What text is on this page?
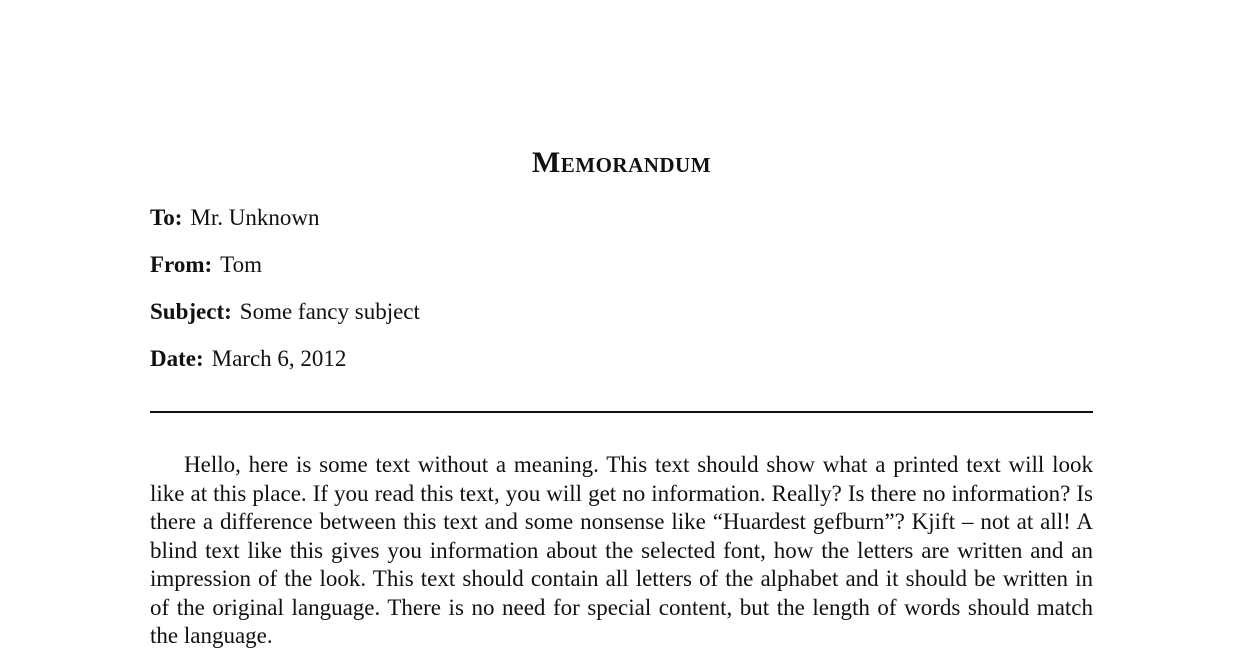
Memorandum
To: Mr. Unknown
From: Tom
Subject: Some fancy subject
Date: March 6, 2012

Hello, here is some text without a meaning. This text should show what a printed text will look like at this place. If you read this text, you will get no information. Really? Is there no information? Is there a difference between this text and some nonsense like “Huardest gefburn”? Kjift – not at all! A blind text like this gives you information about the selected font, how the letters are written and an impression of the look. This text should contain all letters of the alphabet and it should be written in of the original language. There is no need for special content, but the length of words should match the language.
